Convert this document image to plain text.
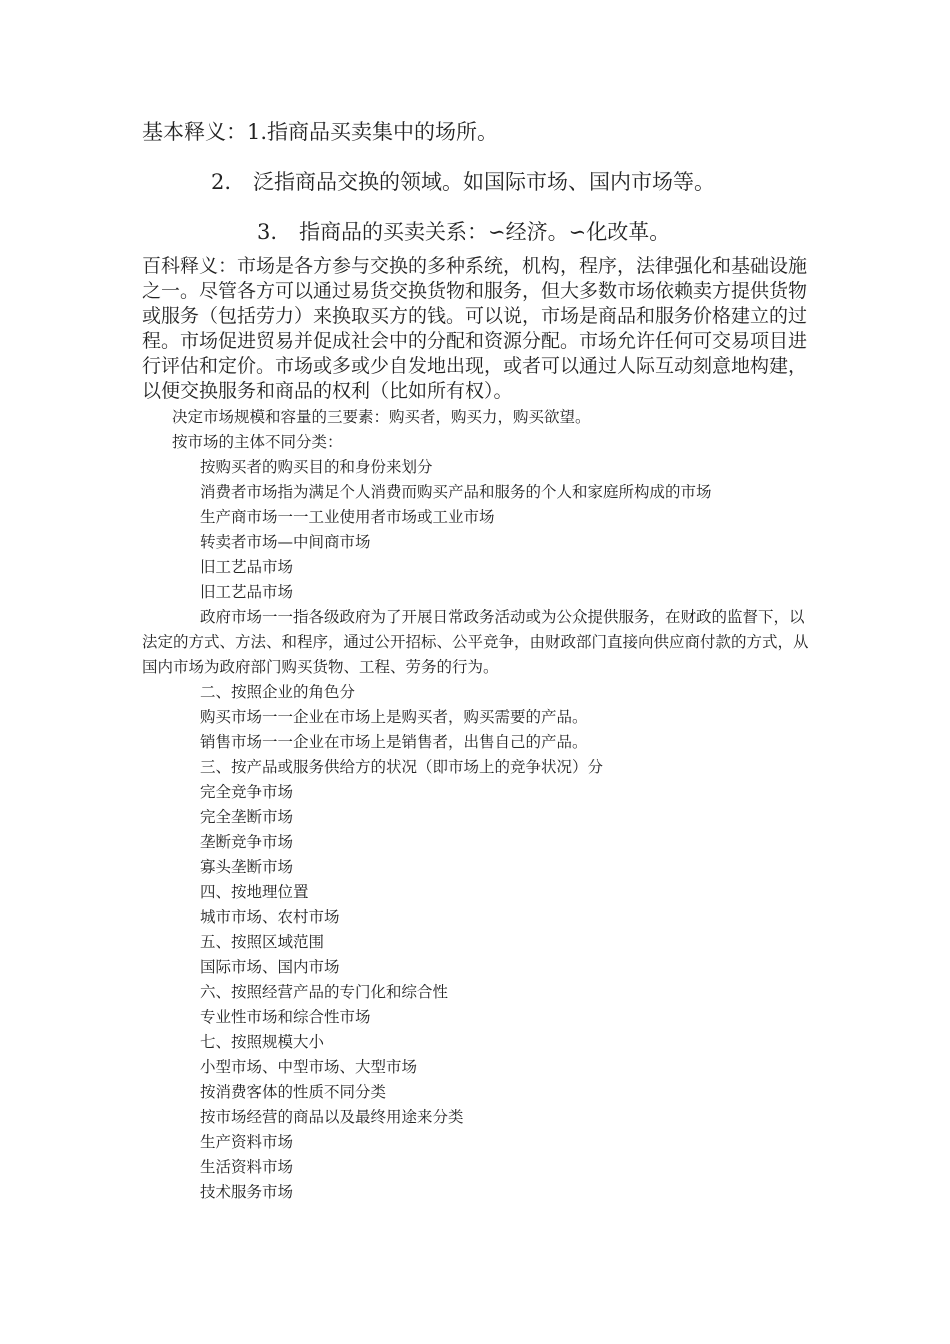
基本释义：1.指商品买卖集中的场所。
2. 泛指商品交换的领域。如国际市场、国内市场等。
3. 指商品的买卖关系：∽经济。∽化改革。
百科释义：市场是各方参与交换的多种系统，机构，程序，法律强化和基础设施之一。尽管各方可以通过易货交换货物和服务，但大多数市场依赖卖方提供货物或服务（包括劳力）来换取买方的钱。可以说，市场是商品和服务价格建立的过程。市场促进贸易并促成社会中的分配和资源分配。市场允许任何可交易项目进行评估和定价。市场或多或少自发地出现，或者可以通过人际互动刻意地构建，以便交换服务和商品的权利（比如所有权）。
决定市场规模和容量的三要素：购买者，购买力，购买欲望。
按市场的主体不同分类：
按购买者的购买目的和身份来划分
消费者市场指为满足个人消费而购买产品和服务的个人和家庭所构成的市场
生产商市场一一工业使用者市场或工业市场
转卖者市场—中间商市场
旧工艺品市场
旧工艺品市场
政府市场一一指各级政府为了开展日常政务活动或为公众提供服务，在财政的监督下，以法定的方式、方法、和程序，通过公开招标、公平竞争，由财政部门直接向供应商付款的方式，从国内市场为政府部门购买货物、工程、劳务的行为。
二、按照企业的角色分
购买市场一一企业在市场上是购买者，购买需要的产品。
销售市场一一企业在市场上是销售者，出售自己的产品。
三、按产品或服务供给方的状况（即市场上的竞争状况）分
完全竞争市场
完全垄断市场
垄断竞争市场
寡头垄断市场
四、按地理位置
城市市场、农村市场
五、按照区域范围
国际市场、国内市场
六、按照经营产品的专门化和综合性
专业性市场和综合性市场
七、按照规模大小
小型市场、中型市场、大型市场
按消费客体的性质不同分类
按市场经营的商品以及最终用途来分类
生产资料市场
生活资料市场
技术服务市场
